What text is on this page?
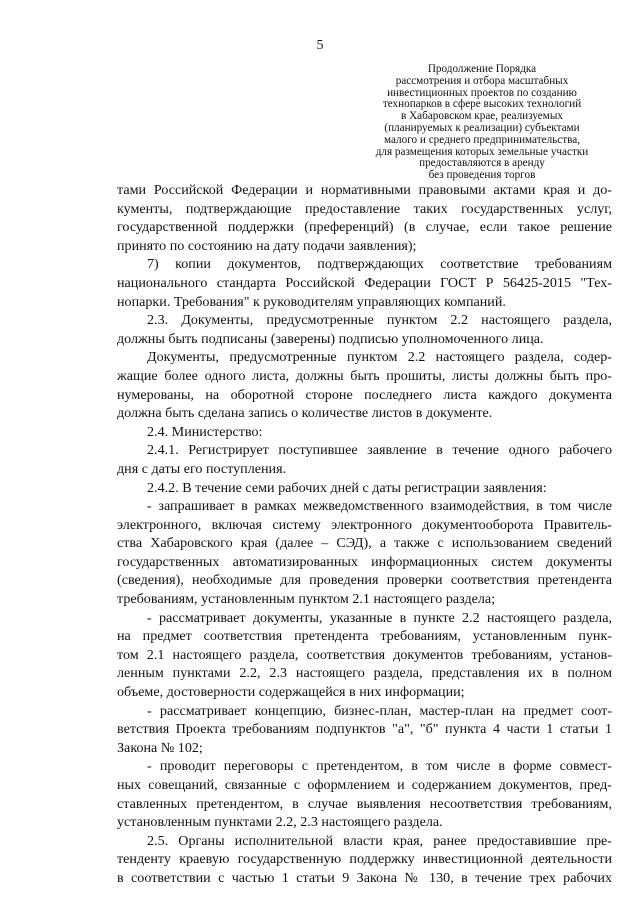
5
Продолжение Порядка
рассмотрения и отбора масштабных
инвестиционных проектов по созданию
технопарков в сфере высоких технологий
в Хабаровском крае, реализуемых
(планируемых к реализации) субъектами
малого и среднего предпринимательства,
для размещения которых земельные участки
предоставляются в аренду
без проведения торгов

тами Российской Федерации и нормативными правовыми актами края и до-

кументы, подтверждающие предоставление таких государственных услуг,

государственной поддержки (преференций) (в случае, если такое решение

принято по состоянию на дату подачи заявления);

7) копии документов, подтверждающих соответствие требованиям

национального стандарта Российской Федерации ГОСТ Р 56425-2015 "Тех-

нопарки. Требования" к руководителям управляющих компаний.

2.3. Документы, предусмотренные пунктом 2.2 настоящего раздела,

должны быть подписаны (заверены) подписью уполномоченного лица.

Документы, предусмотренные пунктом 2.2 настоящего раздела, содер-

жащие более одного листа, должны быть прошиты, листы должны быть про-

нумерованы, на оборотной стороне последнего листа каждого документа

должна быть сделана запись о количестве листов в документе.

2.4. Министерство:

2.4.1. Регистрирует поступившее заявление в течение одного рабочего

дня с даты его поступления.

2.4.2. В течение семи рабочих дней с даты регистрации заявления:

- запрашивает в рамках межведомственного взаимодействия, в том числе

электронного, включая систему электронного документооборота Правитель-

ства Хабаровского края (далее – СЭД), а также с использованием сведений

государственных автоматизированных информационных систем документы

(сведения), необходимые для проведения проверки соответствия претендента

требованиям, установленным пунктом 2.1 настоящего раздела;

- рассматривает документы, указанные в пункте 2.2 настоящего раздела,

на предмет соответствия претендента требованиям, установленным пунк-

том 2.1 настоящего раздела, соответствия документов требованиям, установ-

ленным пунктами 2.2, 2.3 настоящего раздела, представления их в полном

объеме, достоверности содержащейся в них информации;

- рассматривает концепцию, бизнес-план, мастер-план на предмет соот-

ветствия Проекта требованиям подпунктов "а", "б" пункта 4 части 1 статьи 1

Закона № 102;

- проводит переговоры с претендентом, в том числе в форме совмест-

ных совещаний, связанные с оформлением и содержанием документов, пред-

ставленных претендентом, в случае выявления несоответствия требованиям,

установленным пунктами 2.2, 2.3 настоящего раздела.

2.5. Органы исполнительной власти края, ранее предоставившие пре-

тенденту краевую государственную поддержку инвестиционной деятельности

в соответствии с частью 1 статьи 9 Закона № 130, в течение трех рабочих
